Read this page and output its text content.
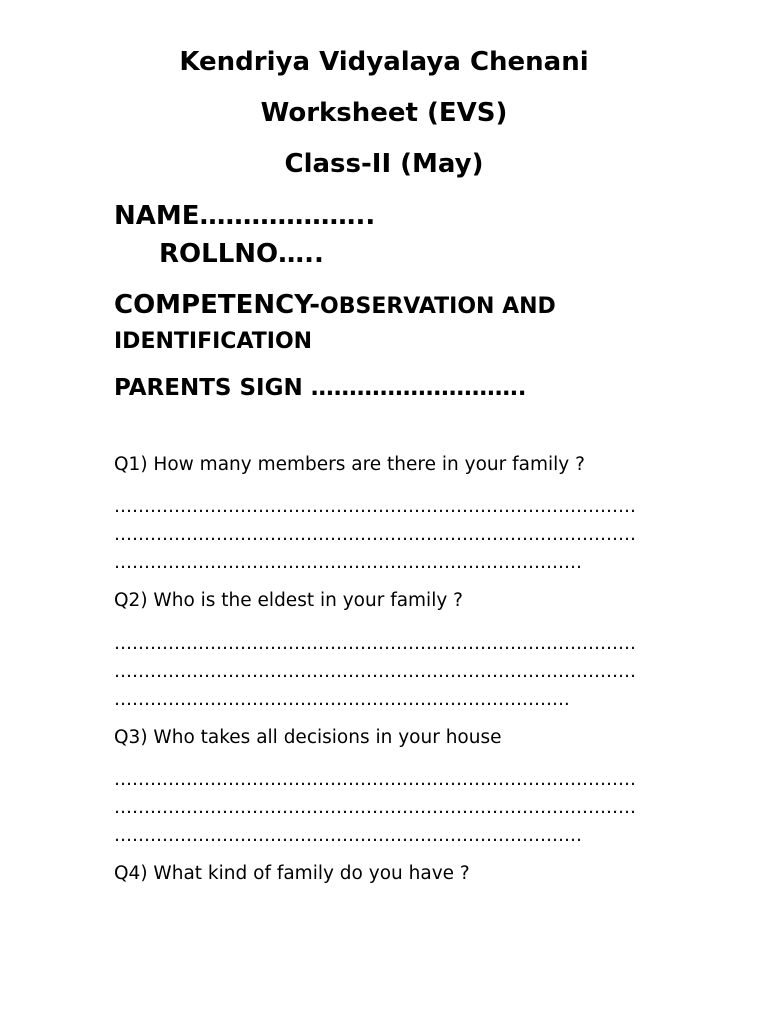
Kendriya Vidyalaya Chenani
Worksheet (EVS)
Class-II (May)
NAME………………..
ROLLNO…..
COMPETENCY-OBSERVATION AND IDENTIFICATION
PARENTS SIGN ……………………….
Q1) How many members are there in your family ?
……………………………………………………………………………
……………………………………………………………………………
……………………………………………………………………
Q2) Who is the eldest in your family ?
……………………………………………………………………………
……………………………………………………………………………
………………………………………………………………….
Q3) Who takes all decisions in your house
……………………………………………………………………………
……………………………………………………………………………
……………………………………………………………………
Q4) What kind of family do you have ?
